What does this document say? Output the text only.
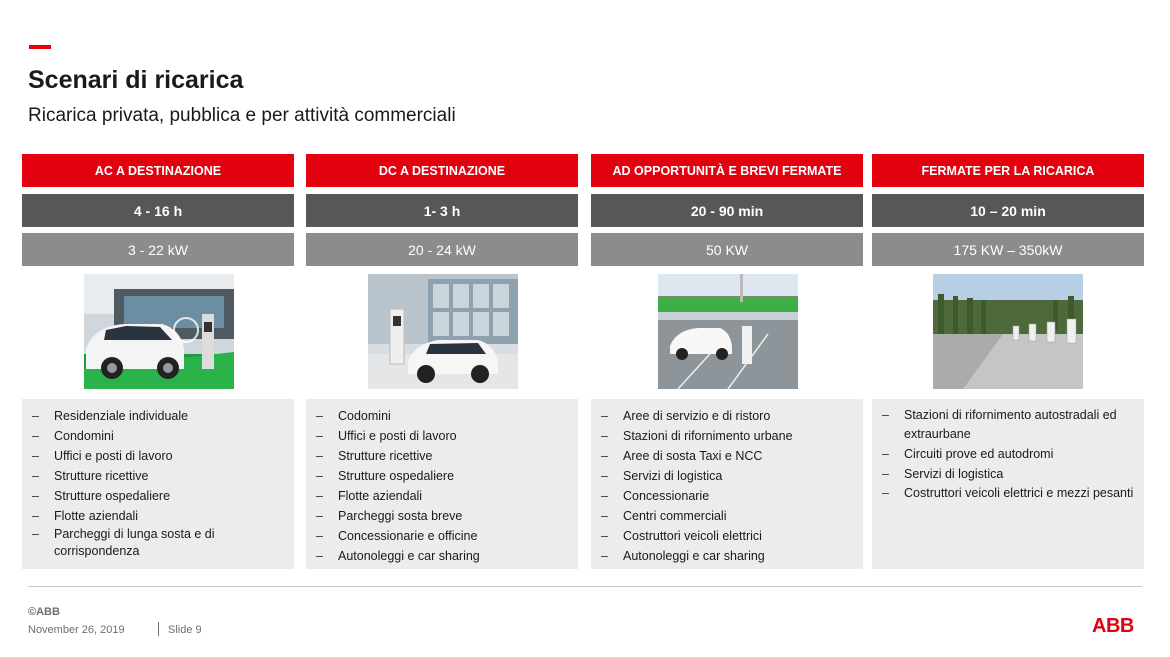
Scenari di ricarica
Ricarica privata, pubblica e per attività commerciali
AC A DESTINAZIONE
4 - 16 h
3 - 22 kW
– Residenziale individuale
– Condomini
– Uffici e posti di lavoro
– Strutture ricettive
– Strutture ospedaliere
– Flotte aziendali
– Parcheggi di lunga sosta e di corrispondenza
DC A DESTINAZIONE
1- 3 h
20 - 24 kW
– Codomini
– Uffici e posti di lavoro
– Strutture ricettive
– Strutture ospedaliere
– Flotte aziendali
– Parcheggi sosta breve
– Concessionarie e officine
– Autonoleggi e car sharing
AD OPPORTUNITÀ E BREVI FERMATE
20 - 90 min
50 KW
– Aree di servizio e di ristoro
– Stazioni di rifornimento urbane
– Aree di sosta Taxi e NCC
– Servizi di logistica
– Concessionarie
– Centri commerciali
– Costruttori veicoli elettrici
– Autonoleggi e car sharing
FERMATE PER LA RICARICA
10 – 20 min
175 KW – 350kW
– Stazioni di rifornimento autostradali ed extraurbane
– Circuiti prove ed autodromi
– Servizi di logistica
– Costruttori veicoli elettrici e mezzi pesanti
©ABB
November 26, 2019	Slide 9	ABB
